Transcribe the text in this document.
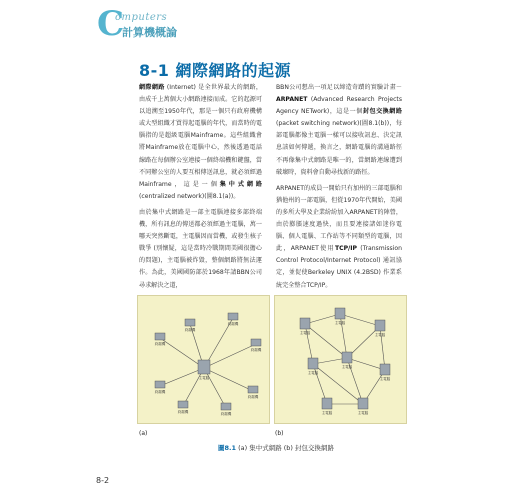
C
omputers
計算機概論
8-1 網際網路的起源

網際網路 (Internet) 是全世界最大的網路，由成千上萬個大小網路連接而成。它的起源可以追溯至1950年代，那是一個只有政府機構或大型組織才買得起電腦的年代，而當時的電腦指的是超級電腦Mainframe。這些組織會將Mainframe放在電腦中心，然後透過電話線路在每個辦公室連接一個終端機和鍵盤，當不同辦公室的人要互相傳送訊息，就必須經過Mainframe，這是一個集中式網路 (centralized network)(圖8.1(a))。

由於集中式網路是一部主電腦連接多部終端機，所有訊息的傳送都必須經過主電腦，萬一哪天突然斷電，主電腦因而當機，或發生核子戰爭 (別懷疑，這是當時冷戰期間美國很擔心的問題)，主電腦被炸毀，整個網路將無法運作。為此，美國國防部於1968年請BBN公司尋求解決之道，

BBN公司想出一項足以締造奇蹟的實驗計畫－ARPANET (Advanced Research Projects Agency NETwork)，這是一個封包交換網路 (packet switching network)(圖8.1(b))，每部電腦都像主電腦一樣可以接收訊息、決定訊息該如何傳遞，換言之，網路電腦的溝通路徑不再像集中式網路是唯一的，當網路連線遭到破壞時，資料會自動尋找新的路徑。

ARPANET的成員一開始只有加州的三部電腦和猶他州的一部電腦，但從1970年代開始，美國的多所大學及企業紛紛加入ARPANET的陣營，由於膨脹速度過快，而且要連接諸如迷你電腦、個人電腦、工作站等不同類型的電腦，因此，ARPANET使用TCP/IP (Transmission Control Protocol/Internet Protocol) 通訊協定，並促使Berkeley UNIX (4.2BSD) 作業系統完全整合TCP/IP。

主電腦
終端機
終端機
終端機
終端機
終端機
終端機	終端機
終端機
主電腦
主電腦
主電腦
主電腦
主電腦
主電腦
主電腦	主電腦
(a)	(b)
圖8.1 (a) 集中式網路 (b) 封包交換網路
8-2
